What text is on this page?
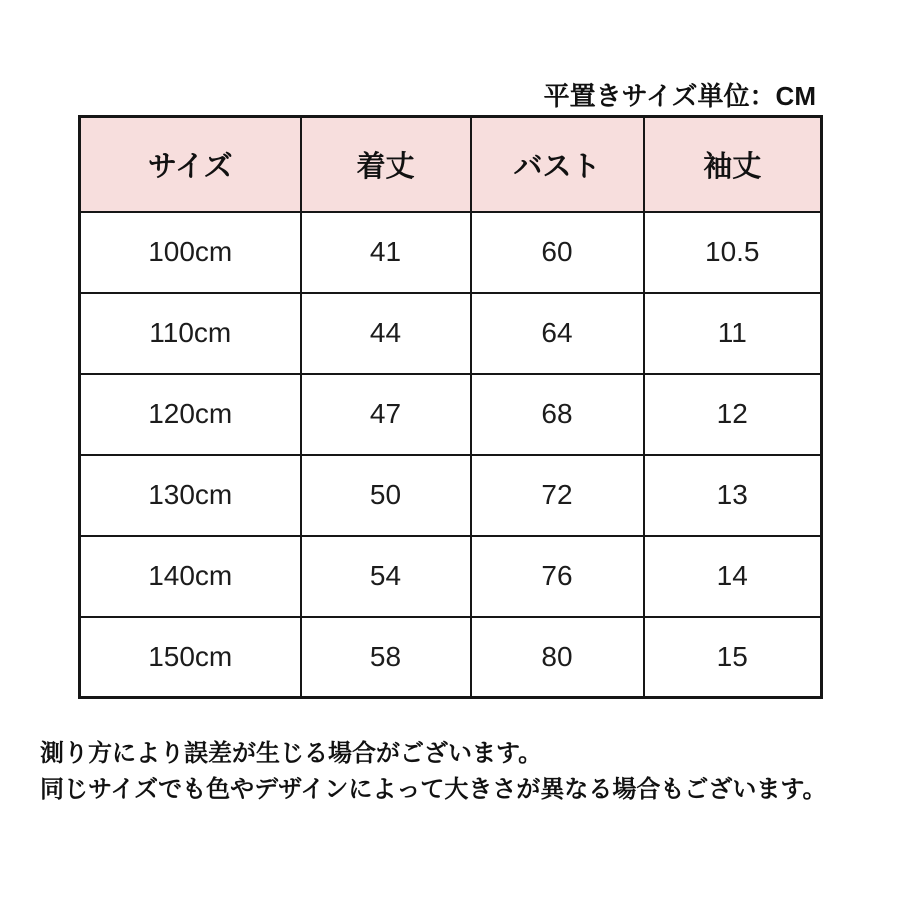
平置きサイズ単位：CM
サイズ	着丈	バスト	袖丈
100cm	41	60	10.5
110cm	44	64	11
120cm	47	68	12
130cm	50	72	13
140cm	54	76	14
150cm	58	80	15
測り方により誤差が生じる場合がございます。
同じサイズでも色やデザインによって大きさが異なる場合もございます。
